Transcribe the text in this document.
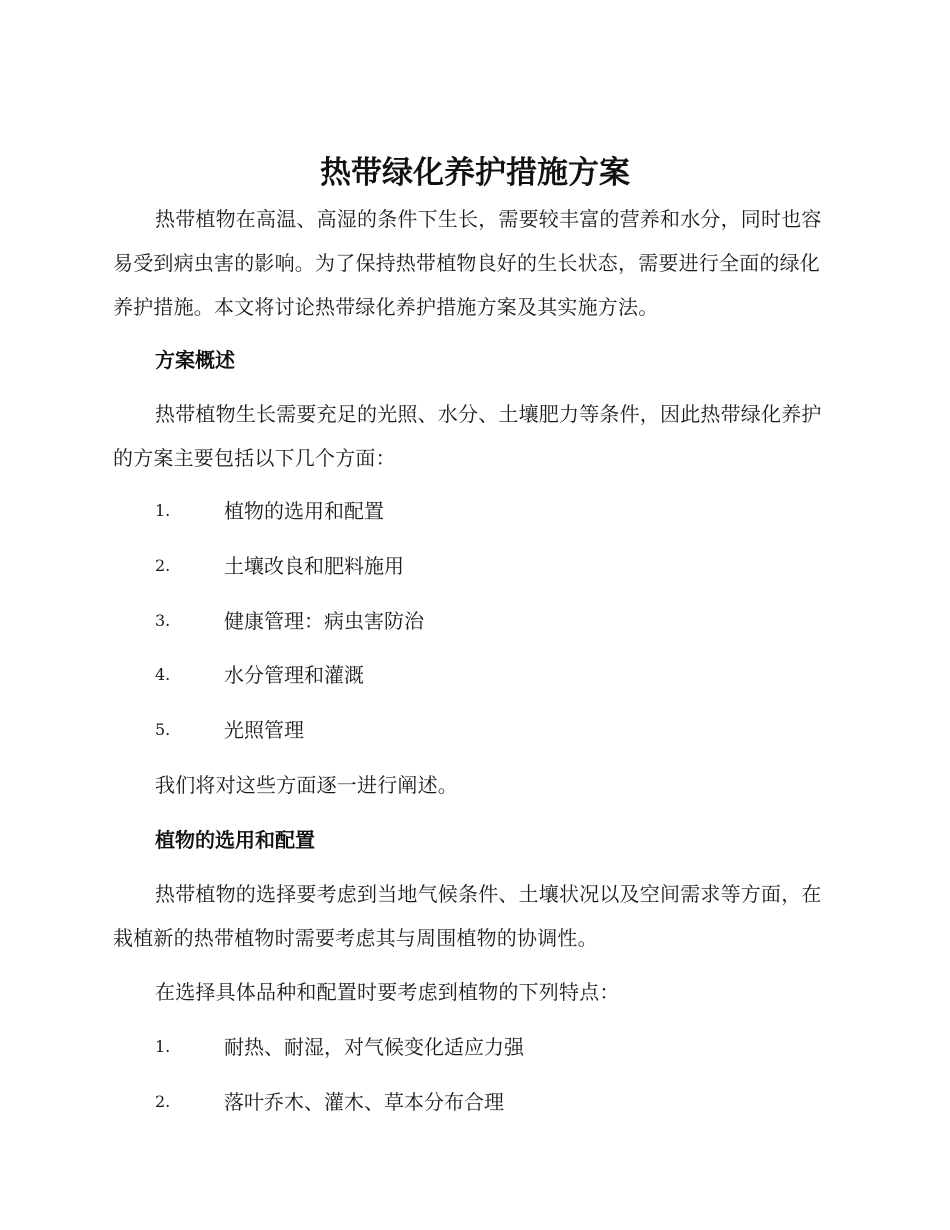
热带绿化养护措施方案

热带植物在高温、高湿的条件下生长，需要较丰富的营养和水分，同时也容易受到病虫害的影响。为了保持热带植物良好的生长状态，需要进行全面的绿化养护措施。本文将讨论热带绿化养护措施方案及其实施方法。

方案概述

热带植物生长需要充足的光照、水分、土壤肥力等条件，因此热带绿化养护的方案主要包括以下几个方面：

1.	植物的选用和配置
2.	土壤改良和肥料施用
3.	健康管理：病虫害防治
4.	水分管理和灌溉
5.	光照管理

我们将对这些方面逐一进行阐述。

植物的选用和配置

热带植物的选择要考虑到当地气候条件、土壤状况以及空间需求等方面，在栽植新的热带植物时需要考虑其与周围植物的协调性。

在选择具体品种和配置时要考虑到植物的下列特点：

1.	耐热、耐湿，对气候变化适应力强
2.	落叶乔木、灌木、草本分布合理
